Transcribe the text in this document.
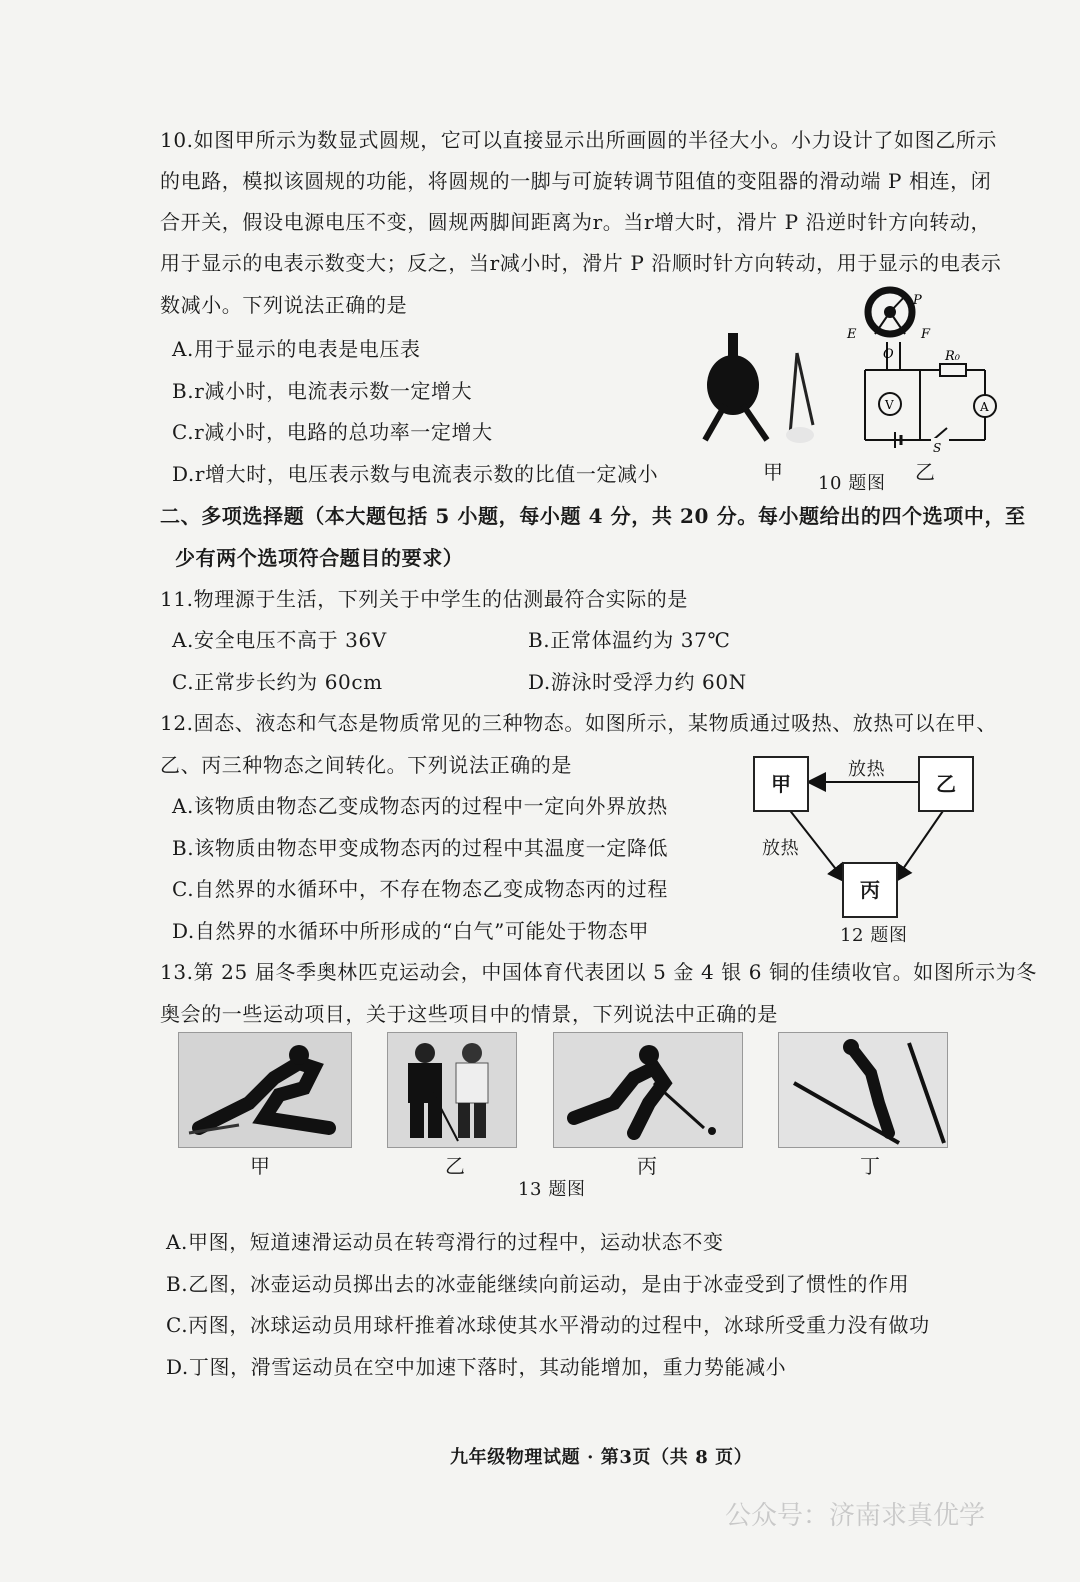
10.如图甲所示为数显式圆规，它可以直接显示出所画圆的半径大小。小力设计了如图乙所示
的电路，模拟该圆规的功能，将圆规的一脚与可旋转调节阻值的变阻器的滑动端 P 相连，闭
合开关，假设电源电压不变，圆规两脚间距离为r。当r增大时，滑片 P 沿逆时针方向转动，
用于显示的电表示数变大；反之，当r减小时，滑片 P 沿顺时针方向转动，用于显示的电表示
数减小。下列说法正确的是
A.用于显示的电表是电压表
B.r减小时，电流表示数一定增大
C.r减小时，电路的总功率一定增大
D.r增大时，电压表示数与电流表示数的比值一定减小	甲
P
E	F
O	R₀
V	A
S
乙
10 题图
二、多项选择题（本大题包括 5 小题，每小题 4 分，共 20 分。每小题给出的四个选项中，至
少有两个选项符合题目的要求）
11.物理源于生活，下列关于中学生的估测最符合实际的是
A.安全电压不高于 36V	B.正常体温约为 37℃
C.正常步长约为 60cm	D.游泳时受浮力约 60N
12.固态、液态和气态是物质常见的三种物态。如图所示，某物质通过吸热、放热可以在甲、
乙、丙三种物态之间转化。下列说法正确的是
A.该物质由物态乙变成物态丙的过程中一定向外界放热
B.该物质由物态甲变成物态丙的过程中其温度一定降低
C.自然界的水循环中，不存在物态乙变成物态丙的过程
D.自然界的水循环中所形成的“白气”可能处于物态甲
甲	乙
丙
放热
放热
12 题图
13.第 25 届冬季奥林匹克运动会，中国体育代表团以 5 金 4 银 6 铜的佳绩收官。如图所示为冬
奥会的一些运动项目，关于这些项目中的情景，下列说法中正确的是
甲	乙	丙	丁
13 题图
A.甲图，短道速滑运动员在转弯滑行的过程中，运动状态不变
B.乙图，冰壶运动员掷出去的冰壶能继续向前运动，是由于冰壶受到了惯性的作用
C.丙图，冰球运动员用球杆推着冰球使其水平滑动的过程中，冰球所受重力没有做功
D.丁图，滑雪运动员在空中加速下落时，其动能增加，重力势能减小
九年级物理试题 · 第3页（共 8 页）
公众号：济南求真优学
